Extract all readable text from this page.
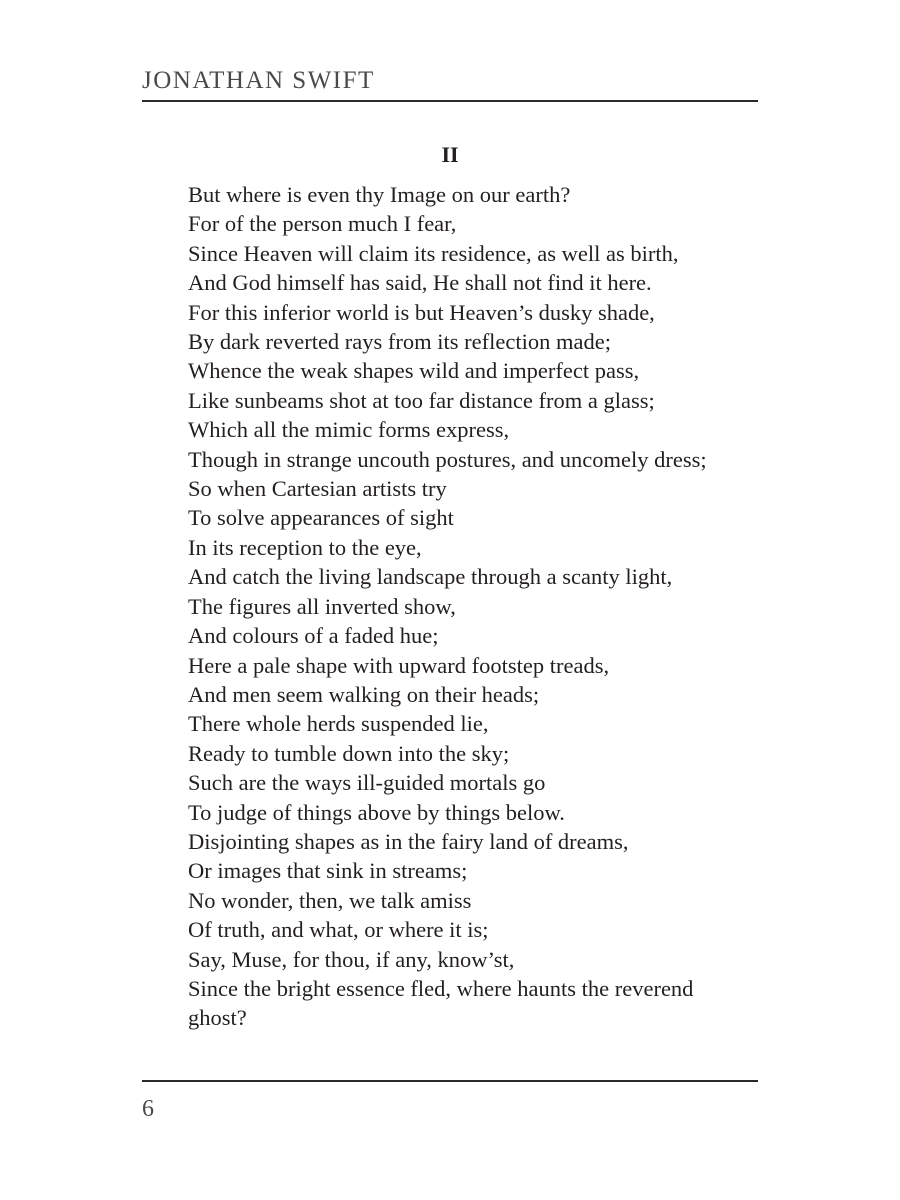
JONATHAN SWIFT
II
But where is even thy Image on our earth?
For of the person much I fear,
Since Heaven will claim its residence, as well as birth,
And God himself has said, He shall not find it here.
For this inferior world is but Heaven’s dusky shade,
By dark reverted rays from its reflection made;
Whence the weak shapes wild and imperfect pass,
Like sunbeams shot at too far distance from a glass;
Which all the mimic forms express,
Though in strange uncouth postures, and uncomely dress;
So when Cartesian artists try
To solve appearances of sight
In its reception to the eye,
And catch the living landscape through a scanty light,
The figures all inverted show,
And colours of a faded hue;
Here a pale shape with upward footstep treads,
And men seem walking on their heads;
There whole herds suspended lie,
Ready to tumble down into the sky;
Such are the ways ill-guided mortals go
To judge of things above by things below.
Disjointing shapes as in the fairy land of dreams,
Or images that sink in streams;
No wonder, then, we talk amiss
Of truth, and what, or where it is;
Say, Muse, for thou, if any, know’st,
Since the bright essence fled, where haunts the reverend
ghost?
6
